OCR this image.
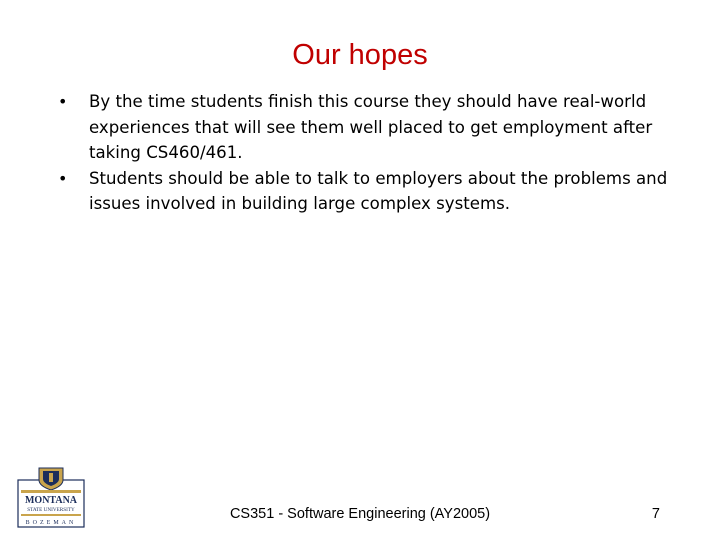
Our hopes
• By the time students finish this course they should have real-world experiences that will see them well placed to get employment after taking CS460/461.
• Students should be able to talk to employers about the problems and issues involved in building large complex systems.
MONTANA
STATE UNIVERSITY
BOZEMAN
CS351 - Software Engineering (AY2005)	7
